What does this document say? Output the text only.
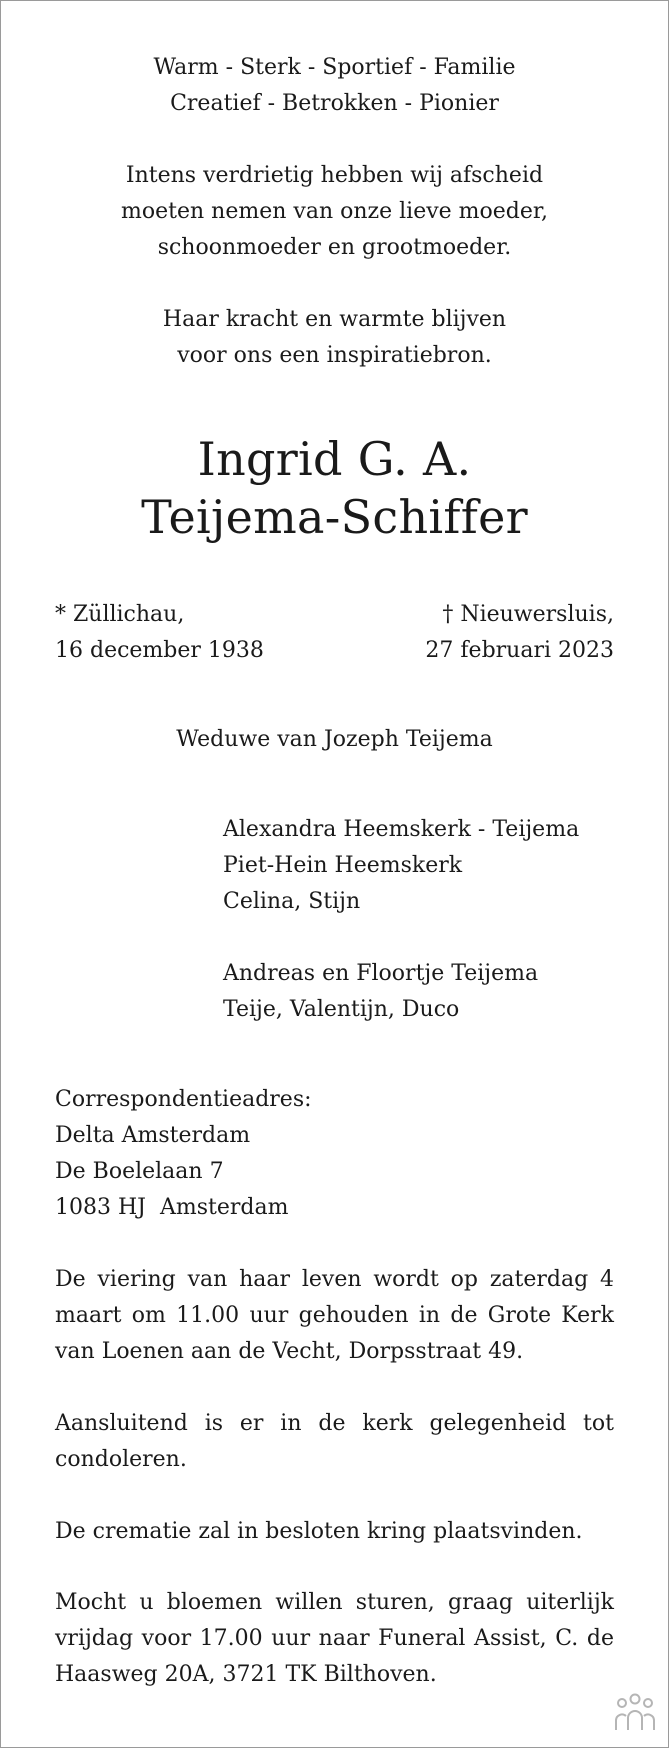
Warm - Sterk - Sportief - Familie
Creatief - Betrokken - Pionier
Intens verdrietig hebben wij afscheid
moeten nemen van onze lieve moeder,
schoonmoeder en grootmoeder.
Haar kracht en warmte blijven
voor ons een inspiratiebron.
Ingrid G. A.
Teijema-Schiffer
* Züllichau,
16 december 1938
† Nieuwersluis,
27 februari 2023
Weduwe van Jozeph Teijema
Alexandra Heemskerk - Teijema
Piet-Hein Heemskerk
Celina, Stijn
Andreas en Floortje Teijema
Teije, Valentijn, Duco
Correspondentieadres:
Delta Amsterdam
De Boelelaan 7
1083 HJ  Amsterdam
De viering van haar leven wordt op zaterdag 4 maart om 11.00 uur gehouden in de Grote Kerk van Loenen aan de Vecht, Dorpsstraat 49.
Aansluitend is er in de kerk gelegenheid tot condoleren.
De crematie zal in besloten kring plaatsvinden.
Mocht u bloemen willen sturen, graag uiterlijk vrijdag voor 17.00 uur naar Funeral Assist, C. de Haasweg 20A, 3721 TK Bilthoven.
